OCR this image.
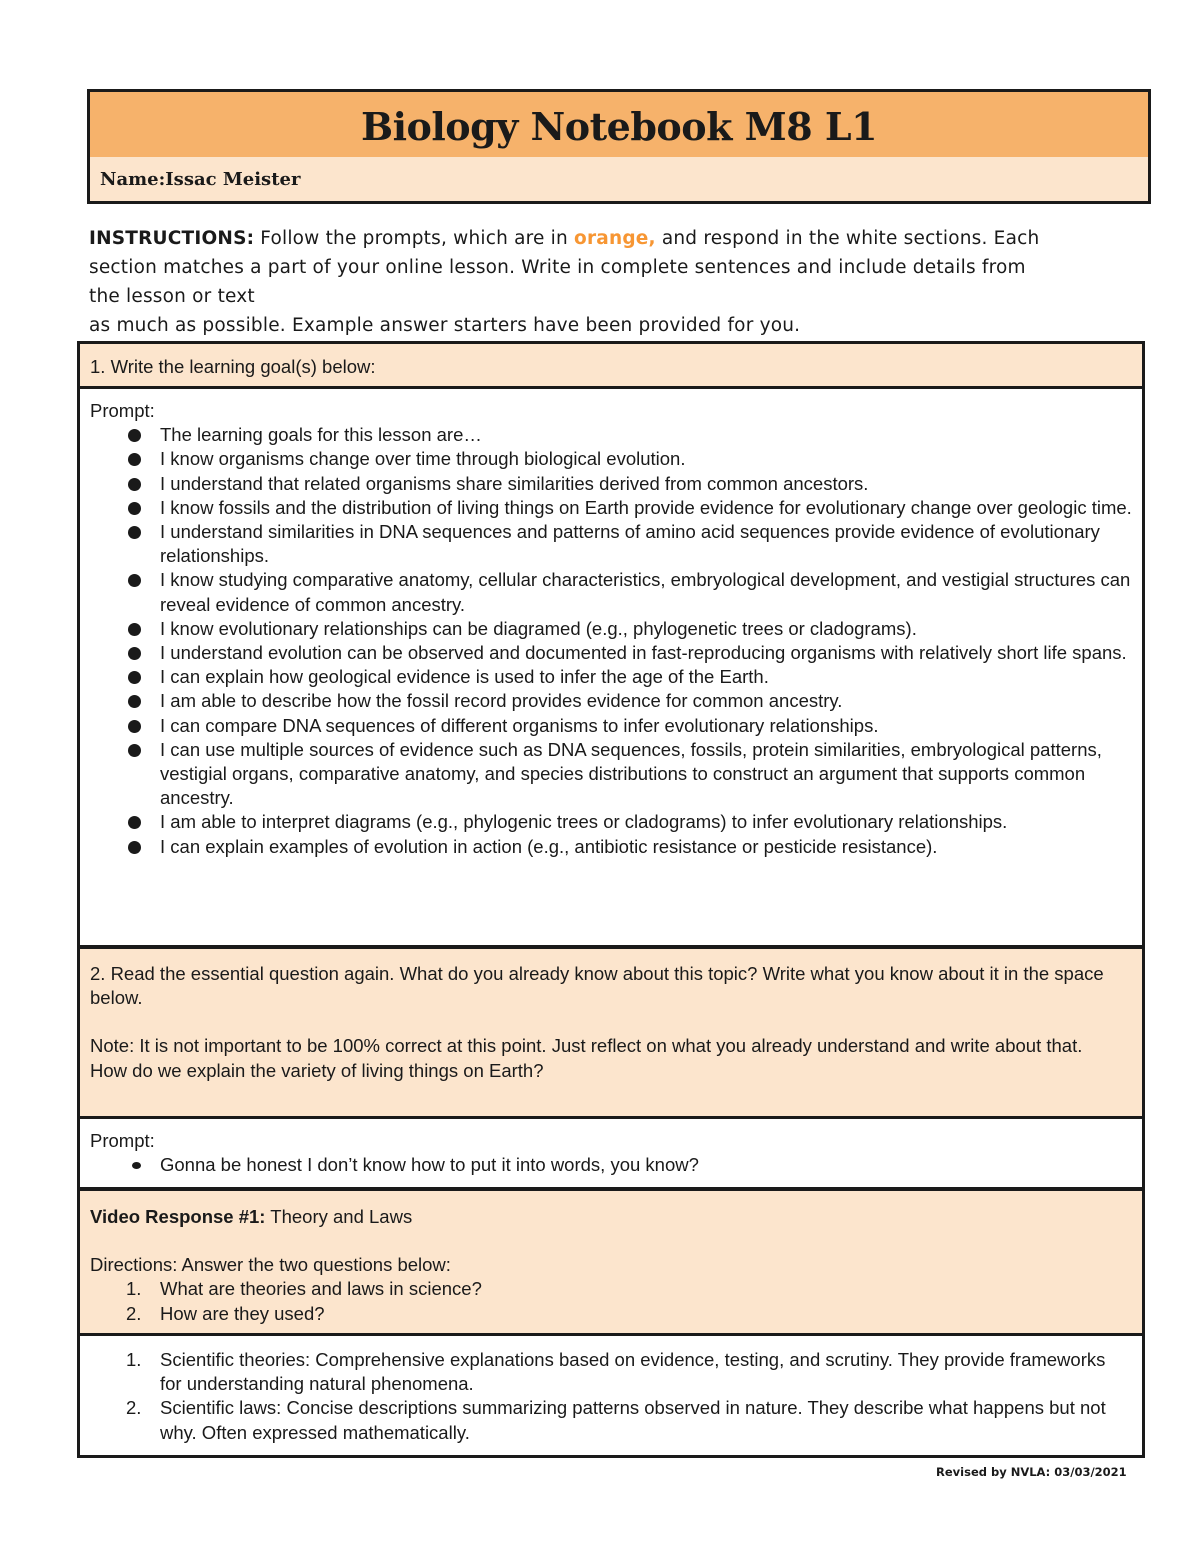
Biology Notebook M8 L1
Name: Issac Meister
INSTRUCTIONS: Follow the prompts, which are in orange, and respond in the white sections. Each
section matches a part of your online lesson. Write in complete sentences and include details from
the lesson or text
as much as possible. Example answer starters have been provided for you.

1. Write the learning goal(s) below:

Prompt:

The learning goals for this lesson are…
I know organisms change over time through biological evolution.
I understand that related organisms share similarities derived from common ancestors.
I know fossils and the distribution of living things on Earth provide evidence for evolutionary change over geologic time.
I understand similarities in DNA sequences and patterns of amino acid sequences provide evidence of evolutionary relationships.
I know studying comparative anatomy, cellular characteristics, embryological development, and vestigial structures can reveal evidence of common ancestry.
I know evolutionary relationships can be diagramed (e.g., phylogenetic trees or cladograms).
I understand evolution can be observed and documented in fast-reproducing organisms with relatively short life spans.
I can explain how geological evidence is used to infer the age of the Earth.
I am able to describe how the fossil record provides evidence for common ancestry.
I can compare DNA sequences of different organisms to infer evolutionary relationships.
I can use multiple sources of evidence such as DNA sequences, fossils, protein similarities, embryological patterns, vestigial organs, comparative anatomy, and species distributions to construct an argument that supports common ancestry.
I am able to interpret diagrams (e.g., phylogenic trees or cladograms) to infer evolutionary relationships.
I can explain examples of evolution in action (e.g., antibiotic resistance or pesticide resistance).

2. Read the essential question again. What do you already know about this topic? Write what you know about it in the space below.

Note: It is not important to be 100% correct at this point. Just reflect on what you already understand and write about that.

How do we explain the variety of living things on Earth?

Prompt:

Gonna be honest I don’t know how to put it into words, you know?

Video Response #1: Theory and Laws

Directions: Answer the two questions below:

1. What are theories and laws in science?
2. How are they used?
1. Scientific theories: Comprehensive explanations based on evidence, testing, and scrutiny. They provide frameworks for understanding natural phenomena.
2. Scientific laws: Concise descriptions summarizing patterns observed in nature. They describe what happens but not why. Often expressed mathematically.
Revised by NVLA: 03/03/2021
